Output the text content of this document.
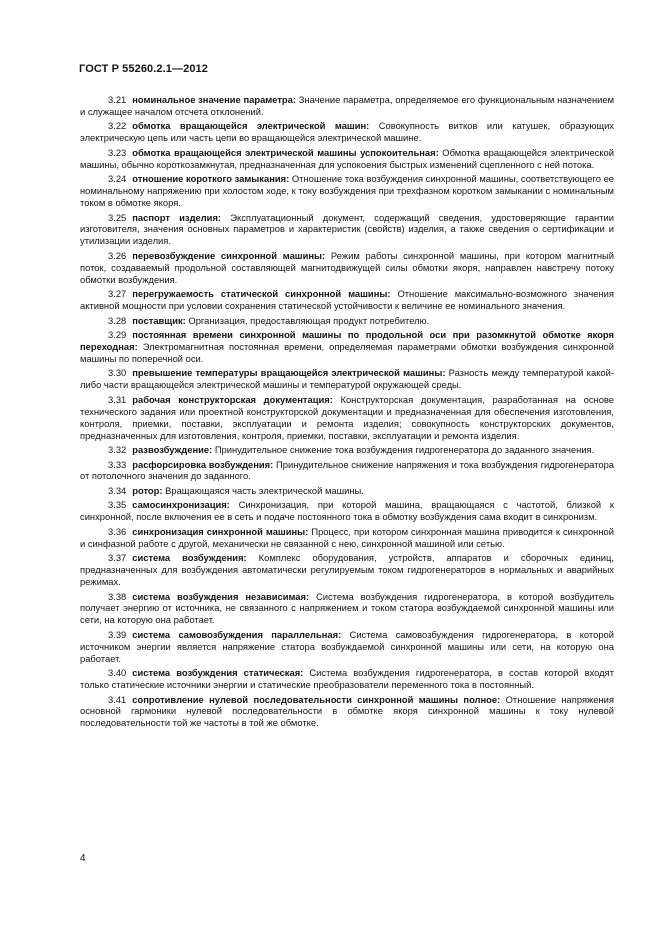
ГОСТ Р 55260.2.1—2012

3.21 номинальное значение параметра: Значение параметра, определяемое его функциональным назначением и служащее началом отсчета отклонений.

3.22 обмотка вращающейся электрической машин: Совокупность витков или катушек, образующих электрическую цепь или часть цепи во вращающейся электрической машине.

3.23 обмотка вращающейся электрической машины успокоительная: Обмотка вращающейся электрической машины, обычно короткозамкнутая, предназначенная для успокоения быстрых изменений сцепленного с ней потока.

3.24 отношение короткого замыкания: Отношение тока возбуждения синхронной машины, соответствующего ее номинальному напряжению при холостом ходе, к току возбуждения при трехфазном коротком замыкании с номинальным током в обмотке якоря.

3.25 паспорт изделия: Эксплуатационный документ, содержащий сведения, удостоверяющие гарантии изготовителя, значения основных параметров и характеристик (свойств) изделия, а также сведения о сертификации и утилизации изделия.

3.26 перевозбуждение синхронной машины: Режим работы синхронной машины, при котором магнитный поток, создаваемый продольной составляющей магнитодвижущей силы обмотки якоря, направлен навстречу потоку обмотки возбуждения.

3.27 перегружаемость статической синхронной машины: Отношение максимально-возможного значения активной мощности при условии сохранения статической устойчивости к величине ее номинального значения.

3.28 поставщик: Организация, предоставляющая продукт потребителю.

3.29 постоянная времени синхронной машины по продольной оси при разомкнутой обмотке якоря переходная: Электромагнитная постоянная времени, определяемая параметрами обмотки возбуждения синхронной машины по поперечной оси.

3.30 превышение температуры вращающейся электрической машины: Разность между температурой какой-либо части вращающейся электрической машины и температурой окружающей среды.

3.31 рабочая конструкторская документация: Конструкторская документация, разработанная на основе технического задания или проектной конструкторской документации и предназначенная для обеспечения изготовления, контроля, приемки, поставки, эксплуатации и ремонта изделия; совокупность конструкторских документов, предназначенных для изготовления, контроля, приемки, поставки, эксплуатации и ремонта изделия.

3.32 развозбуждение: Принудительное снижение тока возбуждения гидрогенератора до заданного значения.

3.33 расфорсировка возбуждения: Принудительное снижение напряжения и тока возбуждения гидрогенератора от потолочного значения до заданного.

3.34 ротор: Вращающаяся часть электрической машины.

3.35 самосинхронизация: Синхронизация, при которой машина, вращающаяся с частотой, близкой к синхронной, после включения ее в сеть и подаче постоянного тока в обмотку возбуждения сама входит в синхронизм.

3.36 синхронизация синхронной машины: Процесс, при котором синхронная машина приводится к синхронной и синфазной работе с другой, механически не связанной с нею, синхронной машиной или сетью.

3.37 система возбуждения: Комплекс оборудования, устройств, аппаратов и сборочных единиц, предназначенных для возбуждения автоматически регулируемым током гидрогенераторов в нормальных и аварийных режимах.

3.38 система возбуждения независимая: Система возбуждения гидрогенератора, в которой возбудитель получает энергию от источника, не связанного с напряжением и током статора возбуждаемой синхронной машины или сети, на которую она работает.

3.39 система самовозбуждения параллельная: Система самовозбуждения гидрогенератора, в которой источником энергии является напряжение статора возбуждаемой синхронной машины или сети, на которую она работает.

3.40 система возбуждения статическая: Система возбуждения гидрогенератора, в состав которой входят только статические источники энергии и статические преобразователи переменного тока в постоянный.

3.41 сопротивление нулевой последовательности синхронной машины полное: Отношение напряжения основной гармоники нулевой последовательности в обмотке якоря синхронной машины к току нулевой последовательности той же частоты в той же обмотке.

4
